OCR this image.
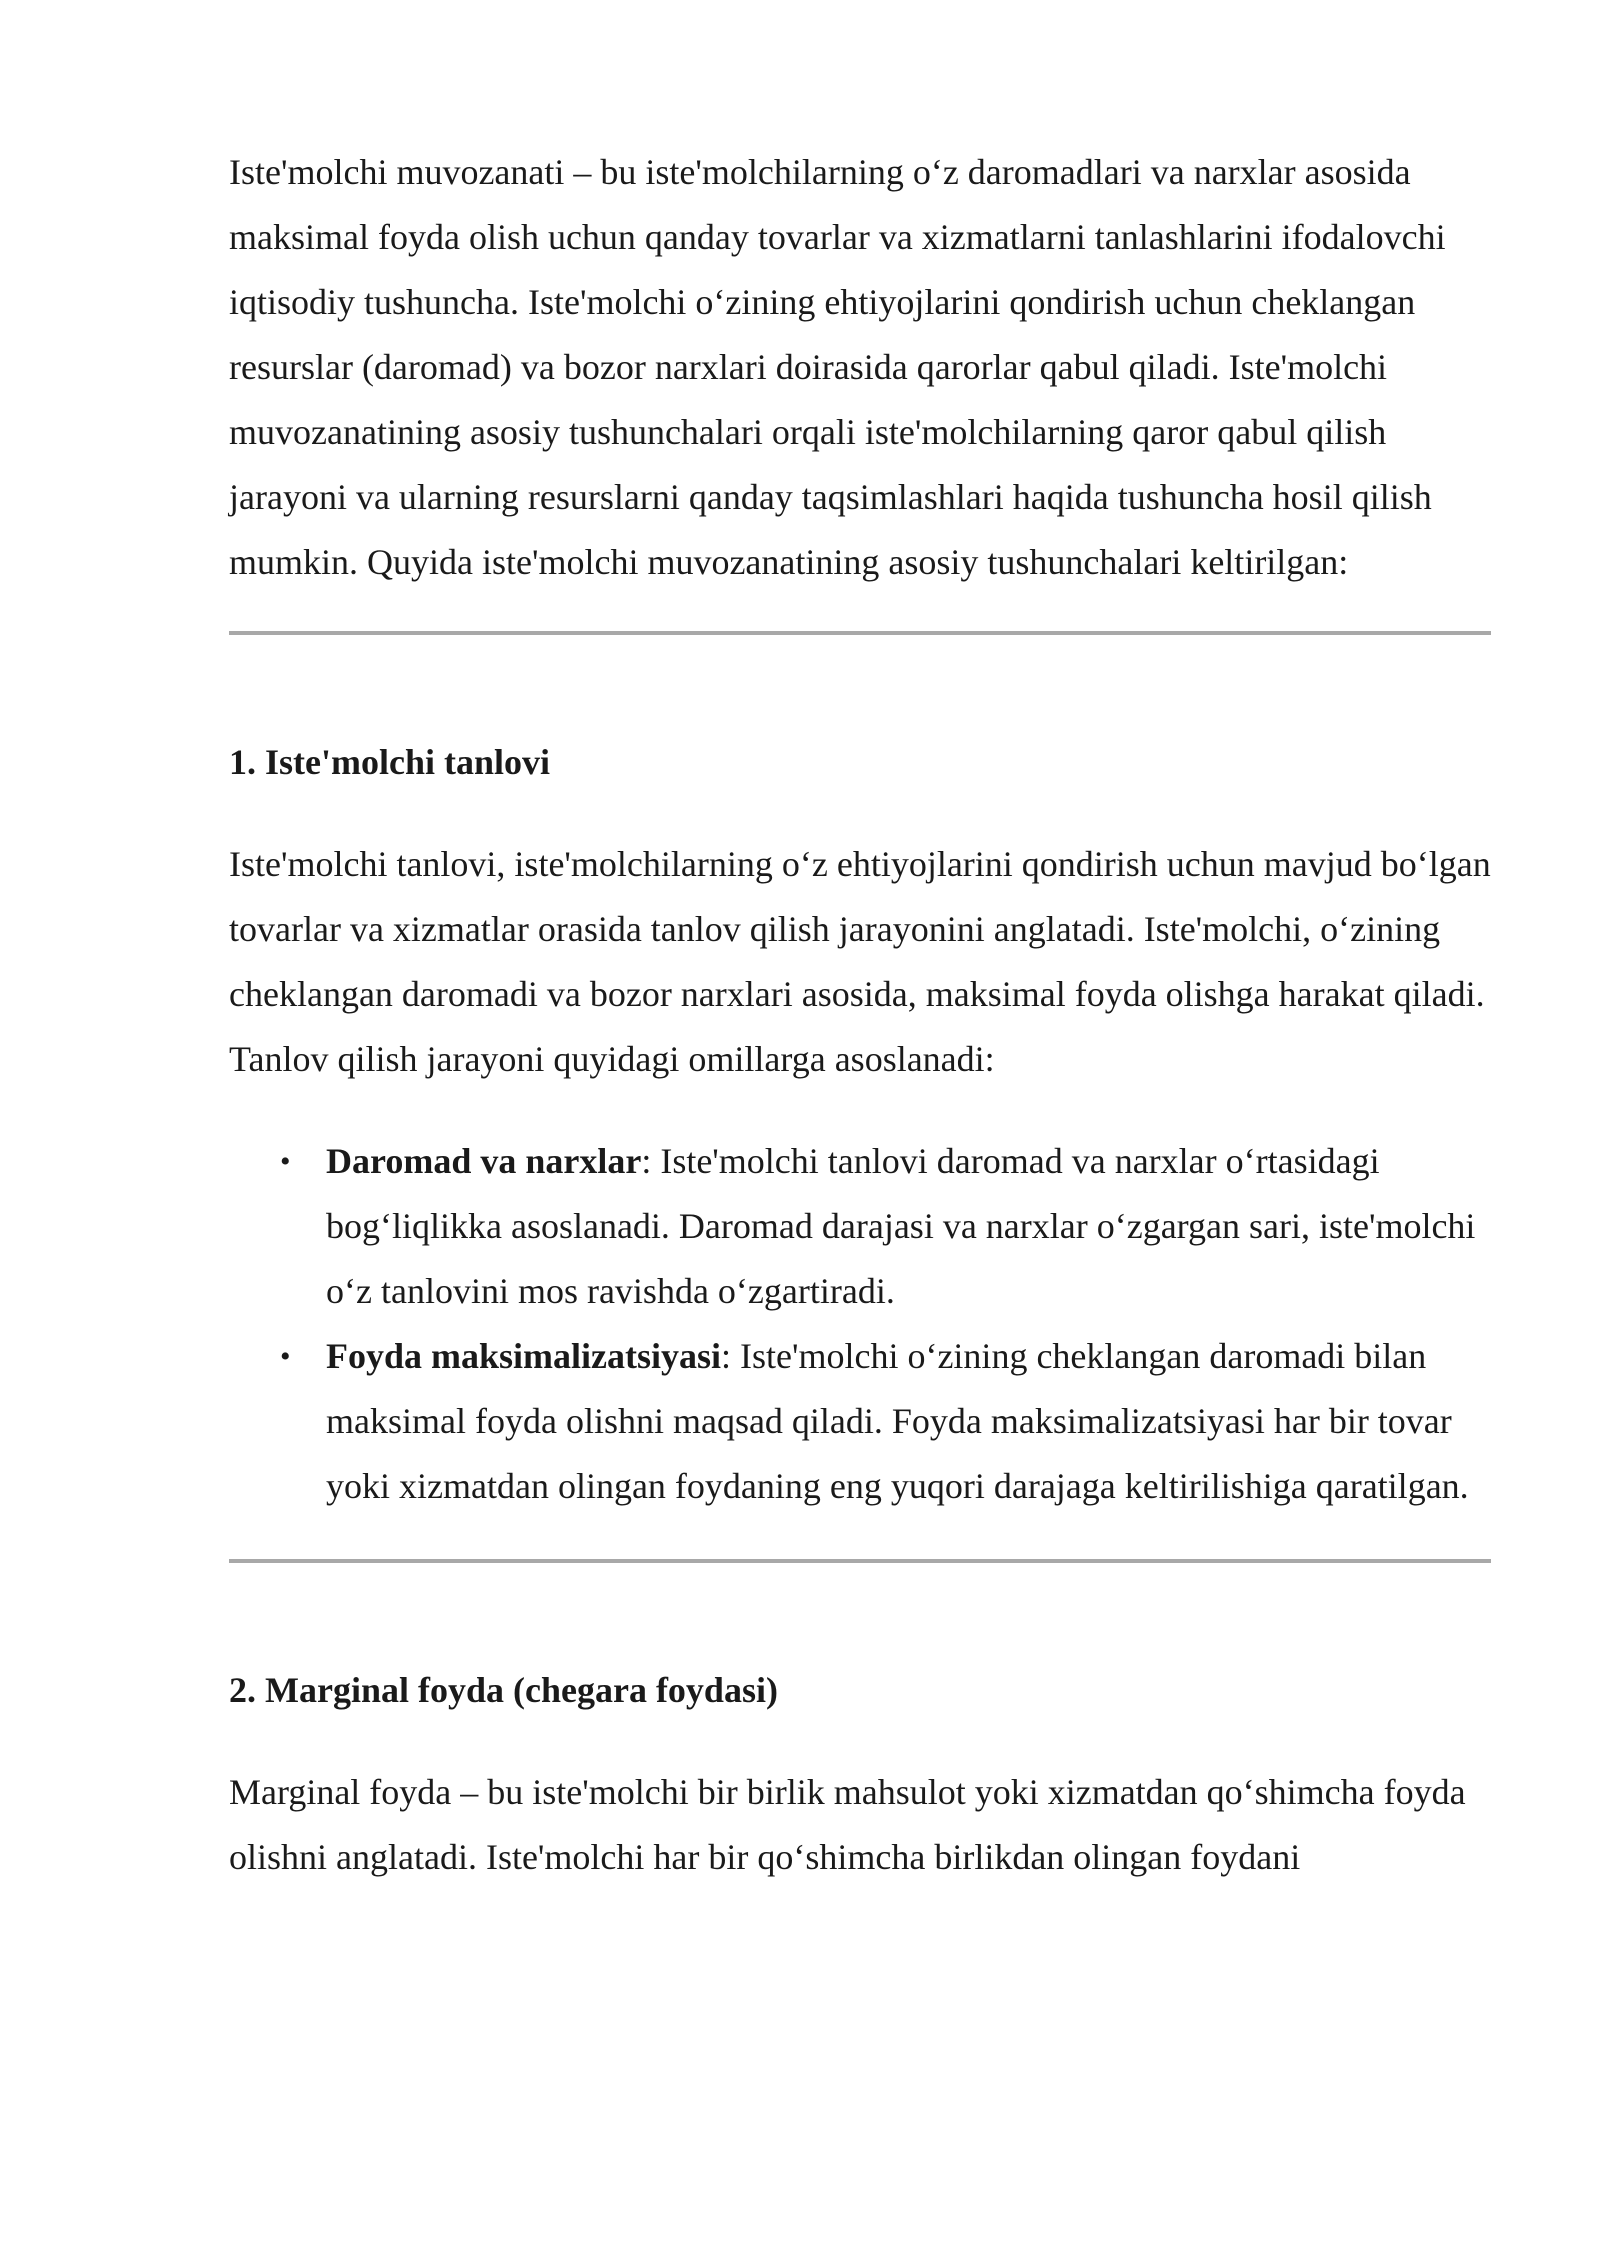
Iste'molchi muvozanati – bu iste'molchilarning o‘z daromadlari va narxlar asosida maksimal foyda olish uchun qanday tovarlar va xizmatlarni tanlashlarini ifodalovchi iqtisodiy tushuncha. Iste'molchi o‘zining ehtiyojlarini qondirish uchun cheklangan resurslar (daromad) va bozor narxlari doirasida qarorlar qabul qiladi. Iste'molchi muvozanatining asosiy tushunchalari orqali iste'molchilarning qaror qabul qilish jarayoni va ularning resurslarni qanday taqsimlashlari haqida tushuncha hosil qilish mumkin. Quyida iste'molchi muvozanatining asosiy tushunchalari keltirilgan:

1. Iste'molchi tanlovi

Iste'molchi tanlovi, iste'molchilarning o‘z ehtiyojlarini qondirish uchun mavjud bo‘lgan tovarlar va xizmatlar orasida tanlov qilish jarayonini anglatadi. Iste'molchi, o‘zining cheklangan daromadi va bozor narxlari asosida, maksimal foyda olishga harakat qiladi. Tanlov qilish jarayoni quyidagi omillarga asoslanadi:

• Daromad va narxlar: Iste'molchi tanlovi daromad va narxlar o‘rtasidagi bog‘liqlikka asoslanadi. Daromad darajasi va narxlar o‘zgargan sari, iste'molchi o‘z tanlovini mos ravishda o‘zgartiradi.
• Foyda maksimalizatsiyasi: Iste'molchi o‘zining cheklangan daromadi bilan maksimal foyda olishni maqsad qiladi. Foyda maksimalizatsiyasi har bir tovar yoki xizmatdan olingan foydaning eng yuqori darajaga keltirilishiga qaratilgan.
2. Marginal foyda (chegara foydasi)

Marginal foyda – bu iste'molchi bir birlik mahsulot yoki xizmatdan qo‘shimcha foyda olishni anglatadi. Iste'molchi har bir qo‘shimcha birlikdan olingan foydani
